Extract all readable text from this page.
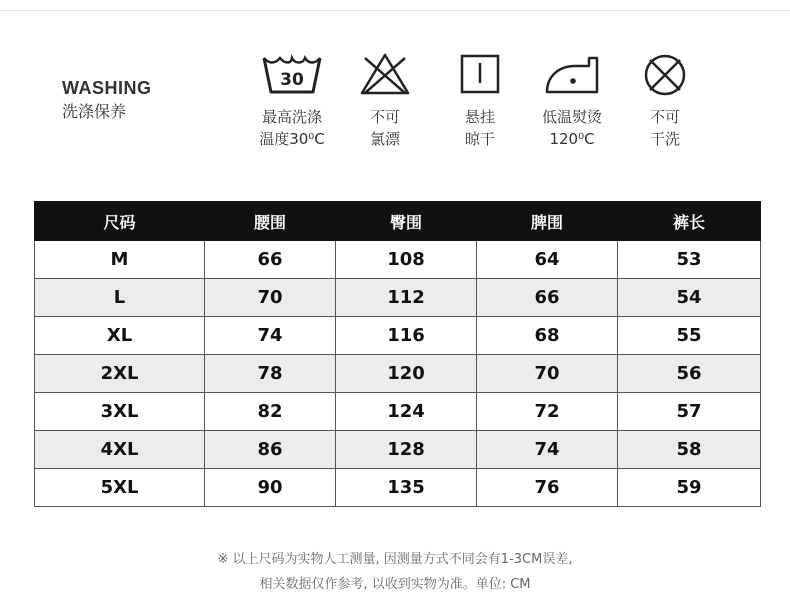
WASHING
洗涤保养
30
最高洗涤
温度30⁰C
不可
氯漂
悬挂
晾干
低温熨烫
120⁰C
不可
干洗
尺码	腰围	臀围	脾围	裤长
M	66	108	64	53
L	70	112	66	54
XL	74	116	68	55
2XL	78	120	70	56
3XL	82	124	72	57
4XL	86	128	74	58
5XL	90	135	76	59
※ 以上尺码为实物人工测量, 因测量方式不同会有1-3CM误差,
相关数据仅作参考, 以收到实物为准。单位: CM
